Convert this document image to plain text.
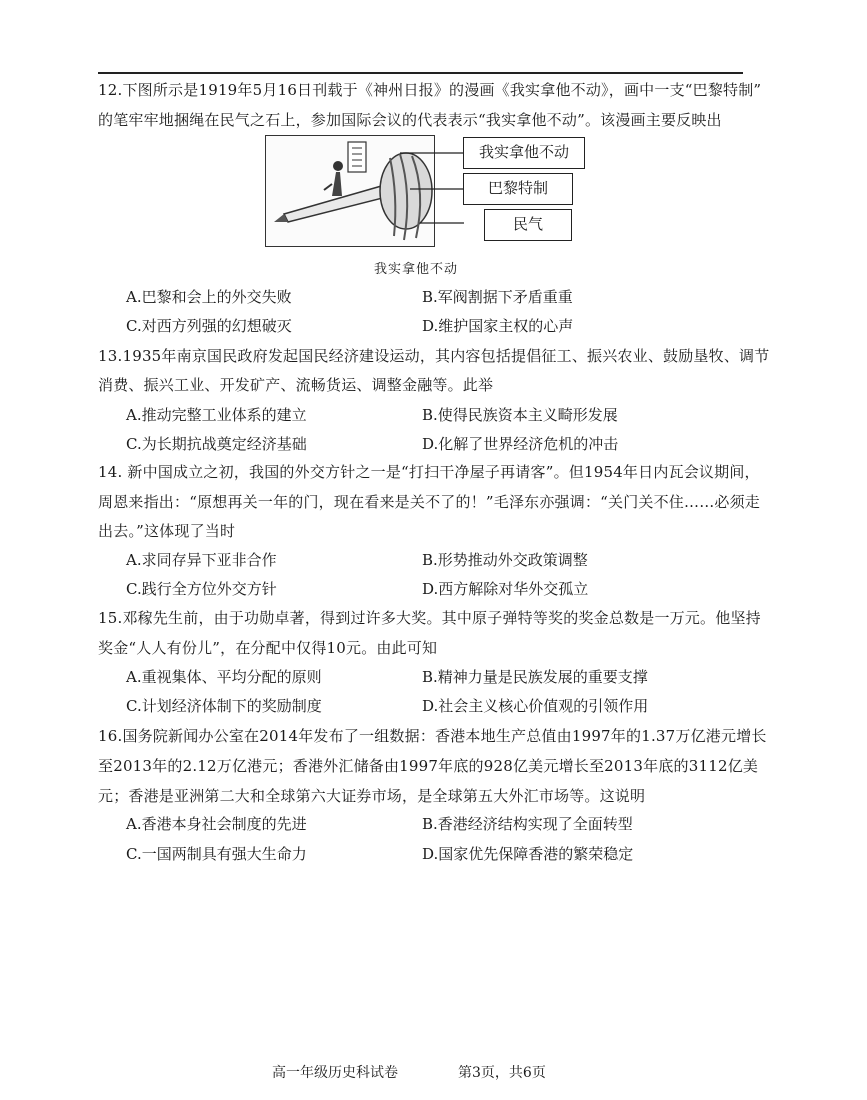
12.下图所示是1919年5月16日刊载于《神州日报》的漫画《我实拿他不动》，画中一支“巴黎特制”
的笔牢牢地捆绳在民气之石上，参加国际会议的代表表示“我实拿他不动”。该漫画主要反映出
我实拿他不动
巴黎特制
民气
我实拿他不动
A.巴黎和会上的外交失败	B.军阀割据下矛盾重重
C.对西方列强的幻想破灭	D.维护国家主权的心声
13.1935年南京国民政府发起国民经济建设运动，其内容包括提倡征工、振兴农业、鼓励垦牧、调节
消费、振兴工业、开发矿产、流畅货运、调整金融等。此举
A.推动完整工业体系的建立	B.使得民族资本主义畸形发展
C.为长期抗战奠定经济基础	D.化解了世界经济危机的冲击
14. 新中国成立之初，我国的外交方针之一是“打扫干净屋子再请客”。但1954年日内瓦会议期间，
周恩来指出：“原想再关一年的门，现在看来是关不了的！”毛泽东亦强调：“关门关不住……必须走
出去。”这体现了当时
A.求同存异下亚非合作	B.形势推动外交政策调整
C.践行全方位外交方针	D.西方解除对华外交孤立
15.邓稼先生前，由于功勋卓著，得到过许多大奖。其中原子弹特等奖的奖金总数是一万元。他坚持
奖金“人人有份儿”，在分配中仅得10元。由此可知
A.重视集体、平均分配的原则	B.精神力量是民族发展的重要支撑
C.计划经济体制下的奖励制度	D.社会主义核心价值观的引领作用
16.国务院新闻办公室在2014年发布了一组数据：香港本地生产总值由1997年的1.37万亿港元增长
至2013年的2.12万亿港元；香港外汇储备由1997年底的928亿美元增长至2013年底的3112亿美
元；香港是亚洲第二大和全球第六大证券市场，是全球第五大外汇市场等。这说明
A.香港本身社会制度的先进	B.香港经济结构实现了全面转型
C.一国两制具有强大生命力	D.国家优先保障香港的繁荣稳定
高一年级历史科试卷	第3页，共6页
